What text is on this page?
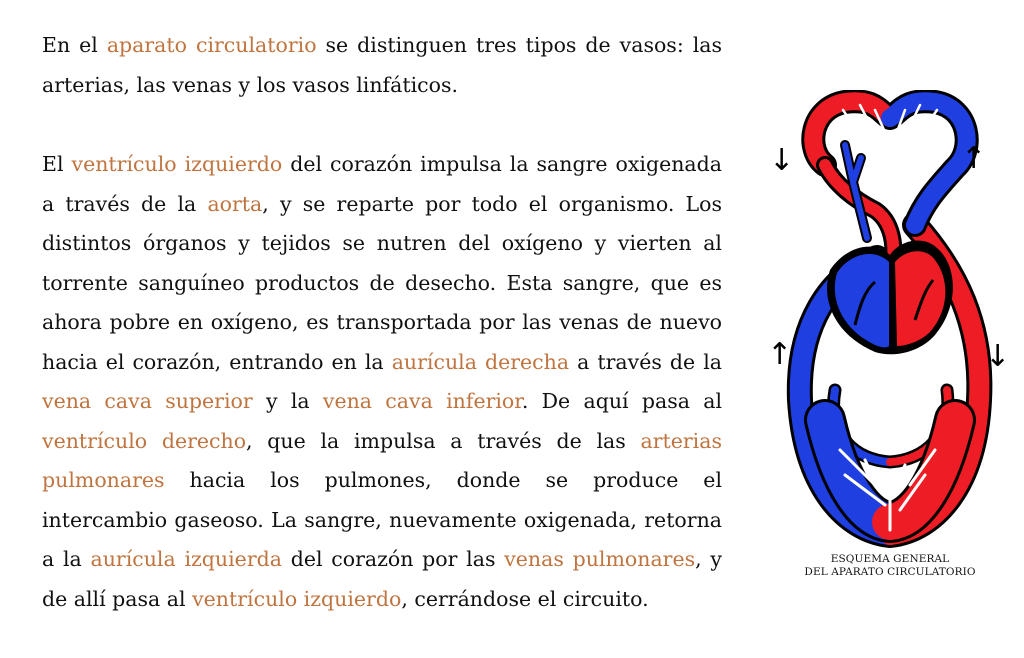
En el aparato circulatorio se distinguen tres tipos de vasos: las arterias, las venas y los vasos linfáticos.

El ventrículo izquierdo del corazón impulsa la sangre oxigenada a través de la aorta, y se reparte por todo el organismo. Los distintos órganos y tejidos se nutren del oxígeno y vierten al torrente sanguíneo productos de desecho. Esta sangre, que es ahora pobre en oxígeno, es transportada por las venas de nuevo hacia el corazón, entrando en la aurícula derecha a través de la vena cava superior y la vena cava inferior. De aquí pasa al ventrículo derecho, que la impulsa a través de las arterias pulmonares hacia los pulmones, donde se produce el intercambio gaseoso. La sangre, nuevamente oxigenada, retorna a la aurícula izquierda del corazón por las venas pulmonares, y de allí pasa al ventrículo izquierdo, cerrándose el circuito.

↓	↑
↑	↓
ESQUEMA GENERAL
DEL APARATO CIRCULATORIO
